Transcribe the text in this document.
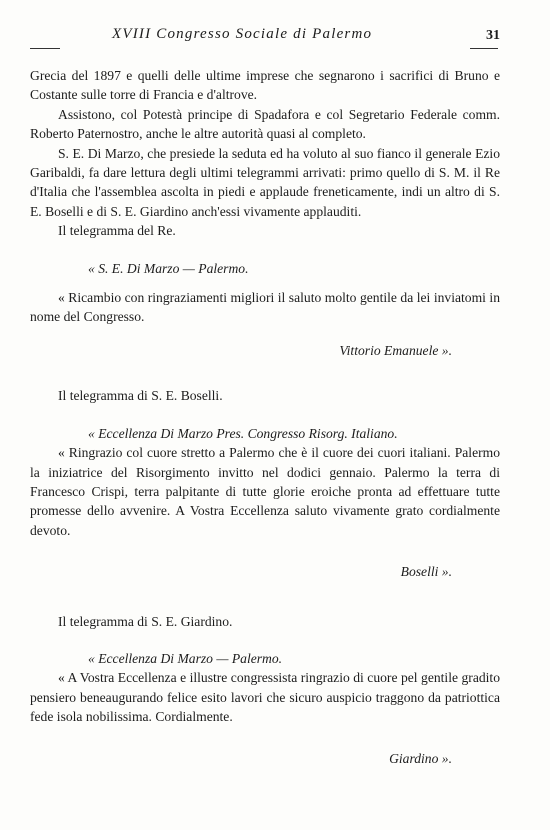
XVIII Congresso Sociale di Palermo	31

Grecia del 1897 e quelli delle ultime imprese che segnarono i sacrifici di Bruno e Costante sulle torre di Francia e d'altrove.

Assistono, col Potestà principe di Spadafora e col Segretario Federale comm. Roberto Paternostro, anche le altre autorità quasi al completo.

S. E. Di Marzo, che presiede la seduta ed ha voluto al suo fianco il generale Ezio Garibaldi, fa dare lettura degli ultimi telegrammi arrivati: primo quello di S. M. il Re d'Italia che l'assemblea ascolta in piedi e applaude freneticamente, indi un altro di S. E. Boselli e di S. E. Giardino anch'essi vivamente applauditi.

Il telegramma del Re.

« S. E. Di Marzo — Palermo.

« Ricambio con ringraziamenti migliori il saluto molto gentile da lei inviatomi in nome del Congresso.

Vittorio Emanuele ».

Il telegramma di S. E. Boselli.

« Eccellenza Di Marzo Pres. Congresso Risorg. Italiano.

« Ringrazio col cuore stretto a Palermo che è il cuore dei cuori italiani. Palermo la iniziatrice del Risorgimento invitto nel dodici gennaio. Palermo la terra di Francesco Crispi, terra palpitante di tutte glorie eroiche pronta ad effettuare tutte promesse dello avvenire. A Vostra Eccellenza saluto vivamente grato cordialmente devoto.

Boselli ».

Il telegramma di S. E. Giardino.

« Eccellenza Di Marzo — Palermo.

« A Vostra Eccellenza e illustre congressista ringrazio di cuore pel gentile gradito pensiero beneaugurando felice esito lavori che sicuro auspicio traggono da patriottica fede isola nobilissima. Cordialmente.

Giardino ».
